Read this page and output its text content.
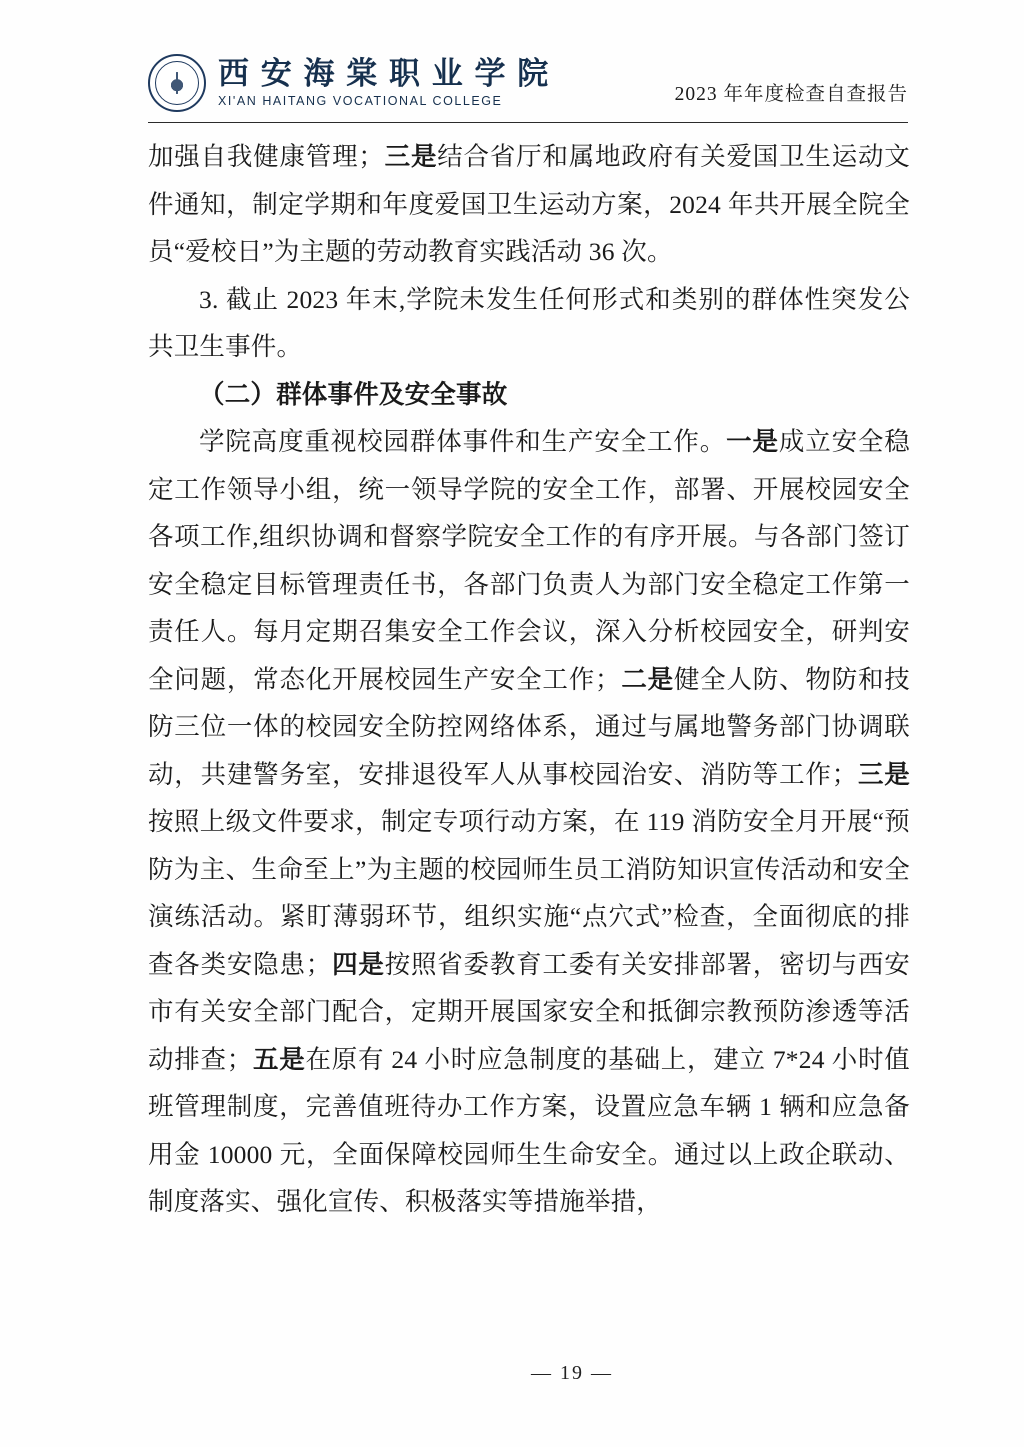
西 安 海 棠 职 业 学 院
XI'AN HAITANG VOCATIONAL COLLEGE	2023 年年度检查自查报告

加强自我健康管理；三是结合省厅和属地政府有关爱国卫生运动文件通知，制定学期和年度爱国卫生运动方案，2024 年共开展全院全员“爱校日”为主题的劳动教育实践活动 36 次。

3. 截止 2023 年末,学院未发生任何形式和类别的群体性突发公共卫生事件。

（二）群体事件及安全事故

学院高度重视校园群体事件和生产安全工作。一是成立安全稳定工作领导小组，统一领导学院的安全工作，部署、开展校园安全各项工作,组织协调和督察学院安全工作的有序开展。与各部门签订安全稳定目标管理责任书，各部门负责人为部门安全稳定工作第一责任人。每月定期召集安全工作会议，深入分析校园安全，研判安全问题，常态化开展校园生产安全工作；二是健全人防、物防和技防三位一体的校园安全防控网络体系，通过与属地警务部门协调联动，共建警务室，安排退役军人从事校园治安、消防等工作；三是按照上级文件要求，制定专项行动方案，在 119 消防安全月开展“预防为主、生命至上”为主题的校园师生员工消防知识宣传活动和安全演练活动。紧盯薄弱环节，组织实施“点穴式”检查，全面彻底的排查各类安隐患；四是按照省委教育工委有关安排部署，密切与西安市有关安全部门配合，定期开展国家安全和抵御宗教预防渗透等活动排查；五是在原有 24 小时应急制度的基础上，建立 7*24 小时值班管理制度，完善值班待办工作方案，设置应急车辆 1 辆和应急备用金 10000 元，全面保障校园师生生命安全。通过以上政企联动、制度落实、强化宣传、积极落实等措施举措，

— 19 —
